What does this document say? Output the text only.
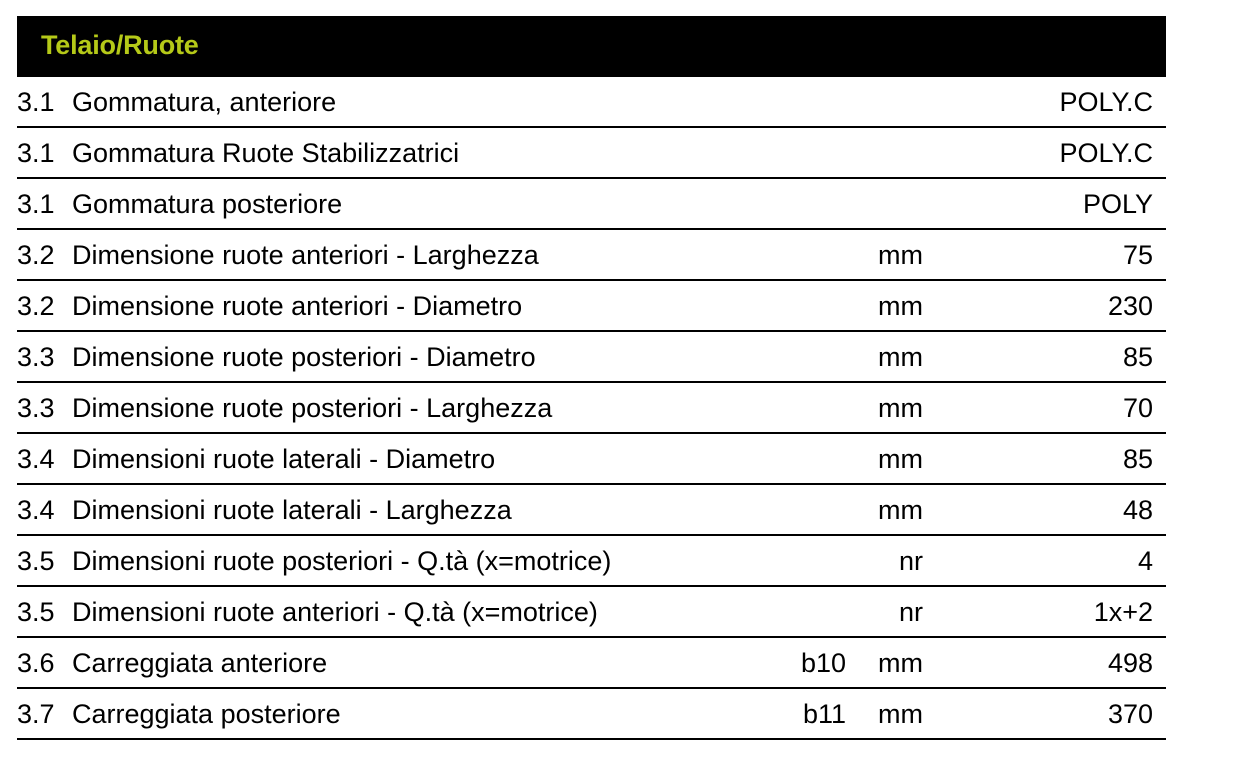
Telaio/Ruote
3.1 Gommatura, anteriore	POLY.C
3.1 Gommatura Ruote Stabilizzatrici	POLY.C
3.1 Gommatura posteriore	POLY
3.2 Dimensione ruote anteriori - Larghezza	mm	75
3.2 Dimensione ruote anteriori - Diametro	mm	230
3.3 Dimensione ruote posteriori - Diametro	mm	85
3.3 Dimensione ruote posteriori - Larghezza	mm	70
3.4 Dimensioni ruote laterali - Diametro	mm	85
3.4 Dimensioni ruote laterali - Larghezza	mm	48
3.5 Dimensioni ruote posteriori - Q.tà (x=motrice)	nr	4
3.5 Dimensioni ruote anteriori - Q.tà (x=motrice)	nr	1x+2
3.6 Carreggiata anteriore	b10 mm	498
3.7 Carreggiata posteriore	b11 mm	370
